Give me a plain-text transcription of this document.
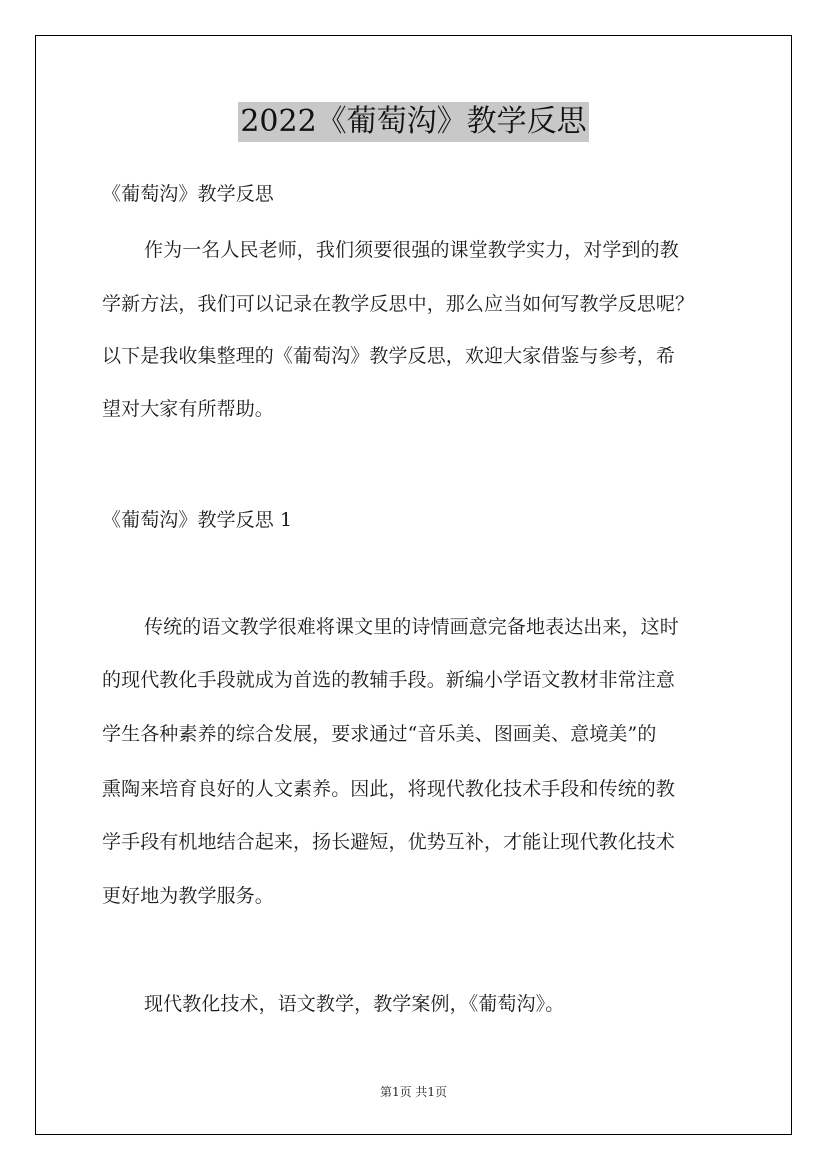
2022《葡萄沟》教学反思
《葡萄沟》教学反思
作为一名人民老师，我们须要很强的课堂教学实力，对学到的教
学新方法，我们可以记录在教学反思中，那么应当如何写教学反思呢？
以下是我收集整理的《葡萄沟》教学反思，欢迎大家借鉴与参考，希
望对大家有所帮助。
《葡萄沟》教学反思 1
传统的语文教学很难将课文里的诗情画意完备地表达出来，这时
的现代教化手段就成为首选的教辅手段。新编小学语文教材非常注意
学生各种素养的综合发展，要求通过“音乐美、图画美、意境美”的
熏陶来培育良好的人文素养。因此，将现代教化技术手段和传统的教
学手段有机地结合起来，扬长避短，优势互补，才能让现代教化技术
更好地为教学服务。
现代教化技术，语文教学，教学案例，《葡萄沟》。
第1页 共1页
